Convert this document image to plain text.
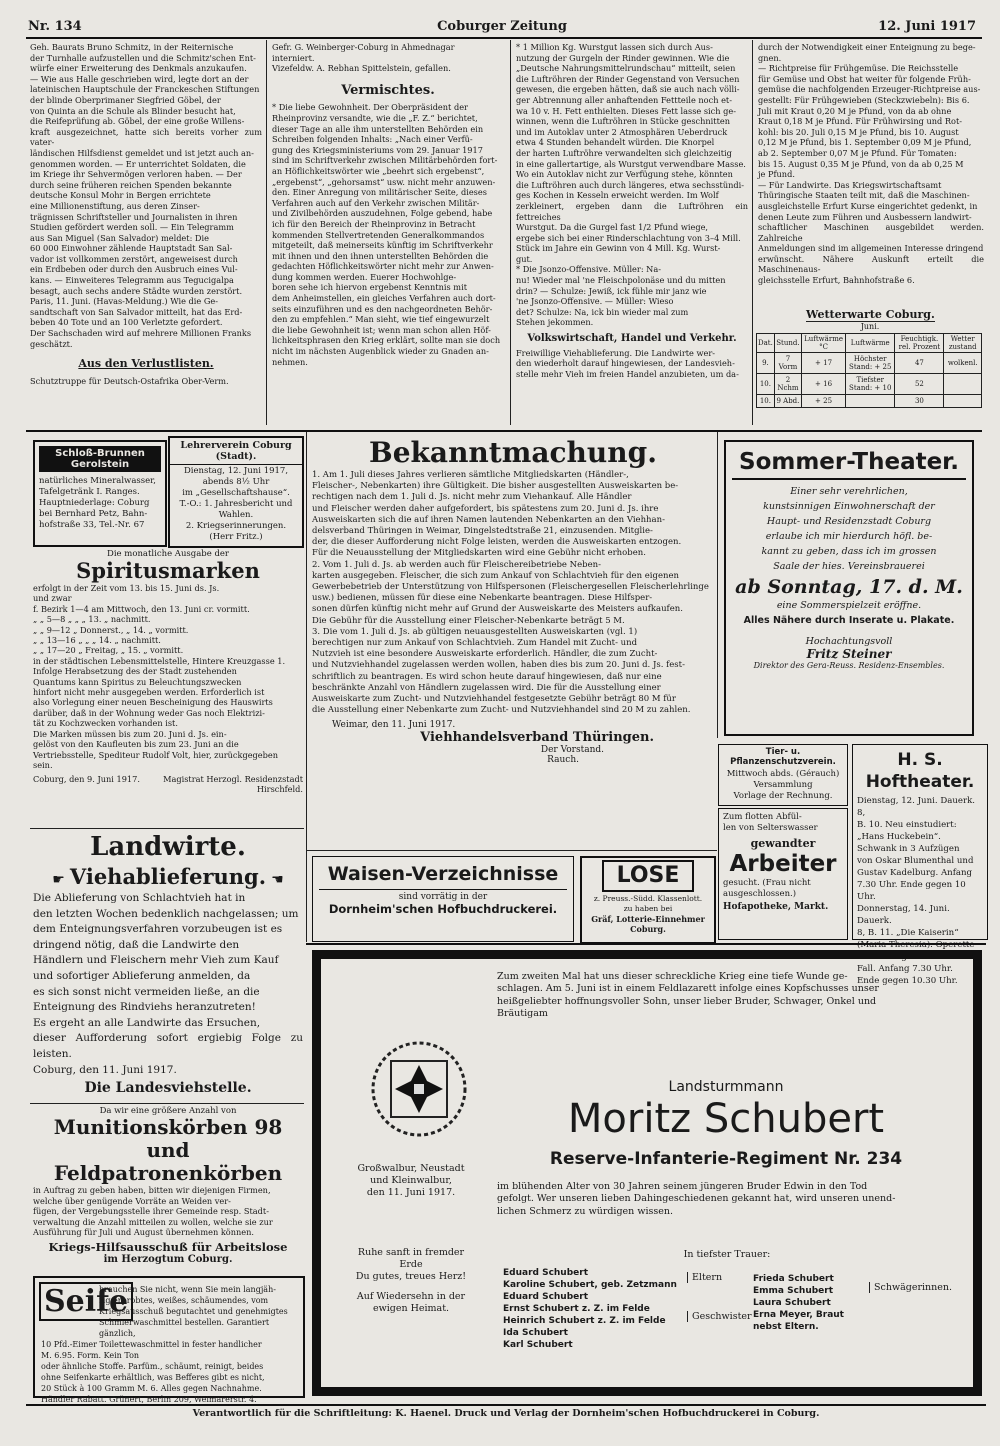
Nr. 134	Coburger Zeitung	12. Juni 1917
Geh. Baurats Bruno Schmitz, in der Reiternische
der Turnhalle aufzustellen und die Schmitz'schen Ent-
würfe einer Erweiterung des Denkmals anzukaufen.
— Wie aus Halle geschrieben wird, legte dort an der
lateinischen Hauptschule der Franckeschen Stiftungen
der blinde Oberprimaner Siegfried Göbel, der
von Quinta an die Schule als Blinder besucht hat,
die Reifeprüfung ab. Göbel, der eine große Willens-
kraft ausgezeichnet, hatte sich bereits vorher zum vater-
ländischen Hilfsdienst gemeldet und ist jetzt auch an-
genommen worden. — Er unterrichtet Soldaten, die
im Kriege ihr Sehvermögen verloren haben. — Der
durch seine früheren reichen Spenden bekannte
deutsche Konsul Mohr in Bergen errichtete
eine Millionenstiftung, aus deren Zinser-
trägnissen Schriftsteller und Journalisten in ihren
Studien gefördert werden soll. — Ein Telegramm
aus San Miguel (San Salvador) meldet: Die
60 000 Einwohner zählende Hauptstadt San Sal-
vador ist vollkommen zerstört, angeweisest durch
ein Erdbeben oder durch den Ausbruch eines Vul-
kans. — Einweiteres Telegramm aus Tegucigalpa
besagt, auch sechs andere Städte wurden zerstört.
Paris, 11. Juni. (Havas-Meldung.) Wie die Ge-
sandtschaft von San Salvador mitteilt, hat das Erd-
beben 40 Tote und an 100 Verletzte gefordert.
Der Sachschaden wird auf mehrere Millionen Franks
geschätzt.
Aus den Verlustlisten.
Schutztruppe für Deutsch-Ostafrika Ober-Verm.
Gefr. G. Weinberger-Coburg in Ahmednagar
interniert.
Vizefeldw. A. Rebhan Spittelstein, gefallen.
Vermischtes.
* Die liebe Gewohnheit. Der Oberpräsident der
Rheinprovinz versandte, wie die „F. Z.“ berichtet,
dieser Tage an alle ihm unterstellten Behörden ein
Schreiben folgenden Inhalts: „Nach einer Verfü-
gung des Kriegsministeriums vom 29. Januar 1917
sind im Schriftverkehr zwischen Militärbehörden fort-
an Höflichkeitswörter wie „beehrt sich ergebenst“,
„ergebenst“, „gehorsamst“ usw. nicht mehr anzuwen-
den. Einer Anregung von militärischer Seite, dieses
Verfahren auch auf den Verkehr zwischen Militär-
und Zivilbehörden auszudehnen, Folge gebend, habe
ich für den Bereich der Rheinprovinz in Betracht
kommenden Stellvertretenden Generalkommandos
mitgeteilt, daß meinerseits künftig im Schriftverkehr
mit ihnen und den ihnen unterstellten Behörden die
gedachten Höflichkeitswörter nicht mehr zur Anwen-
dung kommen werden. Euerer Hochwohlge-
boren sehe ich hiervon ergebenst Kenntnis mit
dem Anheimstellen, ein gleiches Verfahren auch dort-
seits einzuführen und es den nachgeordneten Behör-
den zu empfehlen.“ Man sieht, wie tief eingewurzelt
die liebe Gewohnheit ist; wenn man schon allen Höf-
lichkeitsphrasen den Krieg erklärt, sollte man sie doch
nicht im nächsten Augenblick wieder zu Gnaden an-
nehmen.
* 1 Million Kg. Wurstgut lassen sich durch Aus-
nutzung der Gurgeln der Rinder gewinnen. Wie die
„Deutsche Nahrungsmittelrundschau“ mitteilt, seien
die Luftröhren der Rinder Gegenstand von Versuchen
gewesen, die ergeben hätten, daß sie auch nach völli-
ger Abtrennung aller anhaftenden Fettteile noch et-
wa 10 v. H. Fett enthielten. Dieses Fett lasse sich ge-
winnen, wenn die Luftröhren in Stücke geschnitten
und im Autoklav unter 2 Atmosphären Ueberdruck
etwa 4 Stunden behandelt würden. Die Knorpel
der harten Luftröhre verwandelten sich gleichzeitig
in eine gallertartige, als Wurstgut verwendbare Masse.
Wo ein Autoklav nicht zur Verfügung stehe, könnten
die Luftröhren auch durch längeres, etwa sechsstündi-
ges Kochen in Kesseln erweicht werden. Im Wolf
zerkleinert, ergeben dann die Luftröhren ein fettreiches
Wurstgut. Da die Gurgel fast 1/2 Pfund wiege,
ergebe sich bei einer Rinderschlachtung von 3–4 Mill.
Stück im Jahre ein Gewinn von 4 Mill. Kg. Wurst-
gut.
* Die Jsonzo-Offensive. Müller: Na-
nu! Wieder mal 'ne Fleischpolonäse und du mitten
drin? — Schulze: Jewiß, ick fühle mir janz wie
'ne Jsonzo-Offensive. — Müller: Wieso
det? Schulze: Na, ick bin wieder mal zum
Stehen jekommen.
Volkswirtschaft, Handel und Verkehr.
Freiwillige Viehablieferung. Die Landwirte wer-
den wiederholt darauf hingewiesen, der Landesvieh-
stelle mehr Vieh im freien Handel anzubieten, um da-
durch der Notwendigkeit einer Enteignung zu bege-
gnen.
— Richtpreise für Frühgemüse. Die Reichsstelle
für Gemüse und Obst hat weiter für folgende Früh-
gemüse die nachfolgenden Erzeuger-Richtpreise aus-
gestellt: Für Frühgewieben (Steckzwiebeln): Bis 6.
Juli mit Kraut 0,20 M je Pfund, von da ab ohne
Kraut 0,18 M je Pfund. Für Frühwirsing und Rot-
kohl: bis 20. Juli 0,15 M je Pfund, bis 10. August
0,12 M je Pfund, bis 1. September 0,09 M je Pfund,
ab 2. September 0,07 M je Pfund. Für Tomaten:
bis 15. August 0,35 M je Pfund, von da ab 0,25 M
je Pfund.
— Für Landwirte. Das Kriegswirtschaftsamt
Thüringische Staaten teilt mit, daß die Maschinen-
ausgleichstelle Erfurt Kurse eingerichtet gedenkt, in
denen Leute zum Führen und Ausbessern landwirt-
schaftlicher Maschinen ausgebildet werden. Zahlreiche
Anmeldungen sind im allgemeinen Interesse dringend
erwünscht. Nähere Auskunft erteilt die Maschinenaus-
gleichsstelle Erfurt, Bahnhofstraße 6.
Wetterwarte Coburg.
Juni.
Dat.	Stund.	Luftwärme °C	Luftwärme	Feuchtigk. rel. Prozent	Wetter zustand
9.	7 Vorm	+ 17	Höchster Stand: + 25	47	wolkenl.
10.	2 Nchm	+ 16	Tiefster Stand: + 10	52	
10.	9 Abd.	+ 25		30	
Schloß-Brunnen Gerolstein
natürliches Mineralwasser,
Tafelgetränk I. Ranges.
Hauptniederlage: Coburg
bei Bernhard Petz, Bahn-
hofstraße 33, Tel.-Nr. 67
Lehrerverein Coburg (Stadt).
Dienstag, 12. Juni 1917,
abends 8½ Uhr
im „Gesellschaftshause“.
T.-O.: 1. Jahresbericht und
Wahlen.
2. Kriegserinnerungen.
(Herr Fritz.)
Die monatliche Ausgabe der
Spiritusmarken
erfolgt in der Zeit vom 13. bis 15. Juni ds. Js.
und zwar
f. Bezirk 1—4 am Mittwoch, den 13. Juni cr. vormitt.
„ „ 5—8 „ „ „ 13. „ nachmitt.
„ „ 9—12 „ Donnerst., „ 14. „ vormitt.
„ „ 13—16 „ „ „ 14. „ nachmitt.
„ „ 17—20 „ Freitag, „ 15. „ vormitt.
in der städtischen Lebensmittelstelle, Hintere Kreuzgasse 1.
Infolge Herabsetzung des der Stadt zustehenden
Quantums kann Spiritus zu Beleuchtungszwecken
hinfort nicht mehr ausgegeben werden. Erforderlich ist
also Vorlegung einer neuen Bescheinigung des Hauswirts
darüber, daß in der Wohnung weder Gas noch Elektrizi-
tät zu Kochzwecken vorhanden ist.
Die Marken müssen bis zum 20. Juni d. Js. ein-
gelöst von den Kaufleuten bis zum 23. Juni an die
Vertriebsstelle, Spediteur Rudolf Volt, hier, zurückgegeben
sein.
Coburg, den 9. Juni 1917.	Magistrat Herzogl. Residenzstadt Hirschfeld.
Landwirte.
☛ Viehablieferung. ☚
Die Ablieferung von Schlachtvieh hat in
den letzten Wochen bedenklich nachgelassen; um
dem Enteignungsverfahren vorzubeugen ist es
dringend nötig, daß die Landwirte den
Händlern und Fleischern mehr Vieh zum Kauf
und sofortiger Ablieferung anmelden, da
es sich sonst nicht vermeiden ließe, an die
Enteignung des Rindviehs heranzutreten!
Es ergeht an alle Landwirte das Ersuchen,
dieser Aufforderung sofort ergiebig Folge zu leisten.
Coburg, den 11. Juni 1917.
Die Landesviehstelle.
Da wir eine größere Anzahl von
Munitionskörben 98
und Feldpatronenkörben
in Auftrag zu geben haben, bitten wir diejenigen Firmen,
welche über genügende Vorräte an Weiden ver-
fügen, der Vergebungsstelle ihrer Gemeinde resp. Stadt-
verwaltung die Anzahl mitteilen zu wollen, welche sie zur
Ausführung für Juli und August übernehmen können.
Kriegs-Hilfsausschuß für Arbeitslose
im Herzogtum Coburg.
Seife
brauchen Sie nicht, wenn Sie mein langjäh-
rig erprobtes, weißes, schäumendes, vom
Kriegsausschuß begutachtet und genehmigtes
Schmierwaschmittel bestellen. Garantiert gänzlich,
10 Pfd.-Eimer Toilettewaschmittel in fester handlicher
M. 6.95. Form. Kein Ton
oder ähnliche Stoffe. Parfüm., schäumt, reinigt, beides
ohne Seifenkarte erhältlich, was Befferes gibt es nicht,
20 Stück à 100 Gramm M. 6. Alles gegen Nachnahme.
Händler Rabatt. Grünert, Berlin 209, Weimarerstr. 4.
Bekanntmachung.
1. Am 1. Juli dieses Jahres verlieren sämtliche Mitgliedskarten (Händler-,
Fleischer-, Nebenkarten) ihre Gültigkeit. Die bisher ausgestellten Ausweiskarten be-
rechtigen nach dem 1. Juli d. Js. nicht mehr zum Viehankauf. Alle Händler
und Fleischer werden daher aufgefordert, bis spätestens zum 20. Juni d. Js. ihre
Ausweiskarten sich die auf ihren Namen lautenden Nebenkarten an den Viehhan-
delsverband Thüringen in Weimar, Dingelstedtstraße 21, einzusenden. Mitglie-
der, die dieser Aufforderung nicht Folge leisten, werden die Ausweiskarten entzogen.
Für die Neuausstellung der Mitgliedskarten wird eine Gebühr nicht erhoben.
2. Vom 1. Juli d. Js. ab werden auch für Fleischereibetriebe Neben-
karten ausgegeben. Fleischer, die sich zum Ankauf von Schlachtvieh für den eigenen
Gewerbebetrieb der Unterstützung von Hilfspersonen (Fleischergesellen Fleischerlehrlinge
usw.) bedienen, müssen für diese eine Nebenkarte beantragen. Diese Hilfsper-
sonen dürfen künftig nicht mehr auf Grund der Ausweiskarte des Meisters aufkaufen.
Die Gebühr für die Ausstellung einer Fleischer-Nebenkarte beträgt 5 M.
3. Die vom 1. Juli d. Js. ab gültigen neuausgestellten Ausweiskarten (vgl. 1)
berechtigen nur zum Ankauf von Schlachtvieh. Zum Handel mit Zucht- und
Nutzvieh ist eine besondere Ausweiskarte erforderlich. Händler, die zum Zucht-
und Nutzviehhandel zugelassen werden wollen, haben dies bis zum 20. Juni d. Js. fest-
schriftlich zu beantragen. Es wird schon heute darauf hingewiesen, daß nur eine
beschränkte Anzahl von Händlern zugelassen wird. Die für die Ausstellung einer
Ausweiskarte zum Zucht- und Nutzviehhandel festgesetzte Gebühr beträgt 80 M für
die Ausstellung einer Nebenkarte zum Zucht- und Nutzviehhandel sind 20 M zu zahlen.
Weimar, den 11. Juni 1917.
Viehhandelsverband Thüringen.
Der Vorstand.
Rauch.
Sommer-Theater.
Einer sehr verehrlichen,
kunstsinnigen Einwohnerschaft der
Haupt- und Residenzstadt Coburg
erlaube ich mir hierdurch höfl. be-
kannt zu geben, dass ich im grossen
Saale der hies. Vereinsbrauerei
ab Sonntag, 17. d. M.
eine Sommerspielzeit eröffne.
Alles Nähere durch Inserate u. Plakate.
Hochachtungsvoll
Fritz Steiner
Direktor des Gera-Reuss. Residenz-Ensembles.
Tier- u. Pflanzenschutzverein.
Mittwoch abds. (Gérauch)
Versammlung
Vorlage der Rechnung.
Zum flotten Abfül-
len von Selterswasser
gewandter
Arbeiter
gesucht. (Frau nicht
ausgeschlossen.)
Hofapotheke, Markt.
H. S. Hoftheater.
Dienstag, 12. Juni. Dauerk. 8,
B. 10. Neu einstudiert:
„Hans Huckebein“.
Schwank in 3 Aufzügen
von Oskar Blumenthal und
Gustav Kadelburg. Anfang
7.30 Uhr. Ende gegen 10 Uhr.
Donnerstag, 14. Juni. Dauerk.
8, B. 11. „Die Kaiserin“
(Maria Theresia). Operette
in 3 Aufzügen von Leo
Fall. Anfang 7.30 Uhr.
Ende gegen 10.30 Uhr.
Waisen-Verzeichnisse
sind vorrätig in der
Dornheim'schen Hofbuchdruckerei.
LOSE
z. Preuss.-Südd. Klassenlott.
zu haben bei
Gräf, Lotterie-Einnehmer Coburg.
Zum zweiten Mal hat uns dieser schreckliche Krieg eine tiefe Wunde ge-
schlagen. Am 5. Juni ist in einem Feldlazarett infolge eines Kopfschusses unser
heißgeliebter hoffnungsvoller Sohn, unser lieber Bruder, Schwager, Onkel und
Bräutigam
Landsturmmann
Moritz Schubert
Reserve-Infanterie-Regiment Nr. 234
Großwalbur, Neustadt
und Kleinwalbur,
den 11. Juni 1917.
im blühenden Alter von 30 Jahren seinem jüngeren Bruder Edwin in den Tod
gefolgt. Wer unseren lieben Dahingeschiedenen gekannt hat, wird unseren unend-
lichen Schmerz zu würdigen wissen.
Ruhe sanft in fremder
Erde
Du gutes, treues Herz!
Auf Wiedersehn in der
ewigen Heimat.
In tiefster Trauer:
Eduard Schubert
Karoline Schubert, geb. Zetzmann
Eduard Schubert
Ernst Schubert z. Z. im Felde
Heinrich Schubert z. Z. im Felde
Ida Schubert
Karl Schubert
Eltern
Geschwister
Frieda Schubert
Emma Schubert
Laura Schubert
Erna Meyer, Braut
nebst Eltern.
Schwägerinnen.
Verantwortlich für die Schriftleitung: K. Haenel. Druck und Verlag der Dornheim'schen Hofbuchdruckerei in Coburg.
